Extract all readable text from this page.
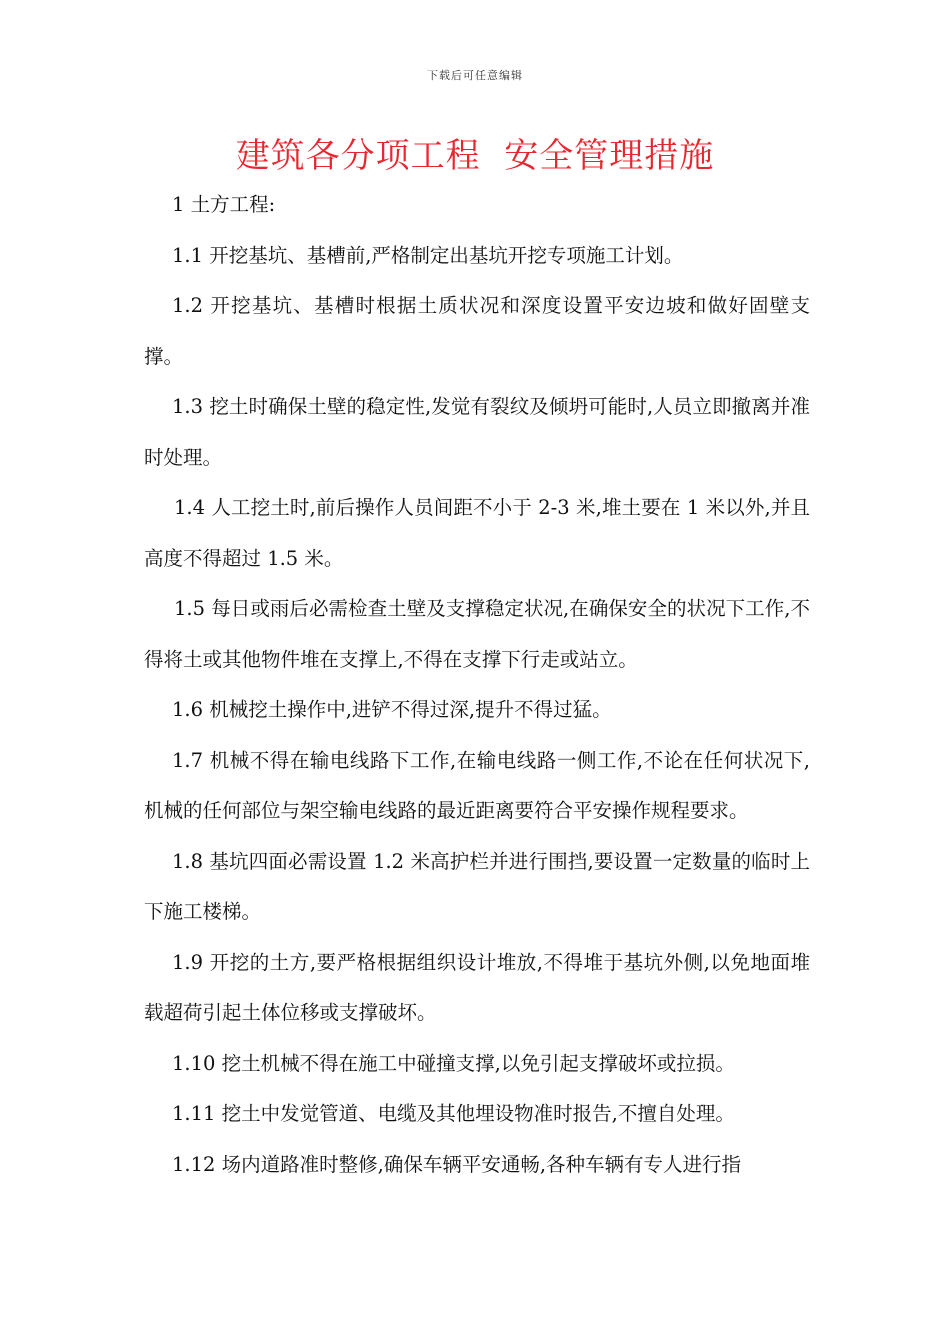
下载后可任意编辑
建筑各分项工程  安全管理措施

1 土方工程:

1.1 开挖基坑、基槽前,严格制定出基坑开挖专项施工计划。

1.2 开挖基坑、基槽时根据土质状况和深度设置平安边坡和做好固壁支撑。

1.3 挖土时确保土壁的稳定性,发觉有裂纹及倾坍可能时,人员立即撤离并准时处理。

1.4 人工挖土时,前后操作人员间距不小于 2-3 米,堆土要在 1 米以外,并且高度不得超过 1.5 米。

1.5 每日或雨后必需检查土壁及支撑稳定状况,在确保安全的状况下工作,不得将土或其他物件堆在支撑上,不得在支撑下行走或站立。

1.6 机械挖土操作中,进铲不得过深,提升不得过猛。

1.7 机械不得在输电线路下工作,在输电线路一侧工作,不论在任何状况下,机械的任何部位与架空输电线路的最近距离要符合平安操作规程要求。

1.8 基坑四面必需设置 1.2 米高护栏并进行围挡,要设置一定数量的临时上下施工楼梯。

1.9 开挖的土方,要严格根据组织设计堆放,不得堆于基坑外侧,以免地面堆载超荷引起土体位移或支撑破坏。

1.10 挖土机械不得在施工中碰撞支撑,以免引起支撑破坏或拉损。

1.11 挖土中发觉管道、电缆及其他埋设物准时报告,不擅自处理。

1.12 场内道路准时整修,确保车辆平安通畅,各种车辆有专人进行指
